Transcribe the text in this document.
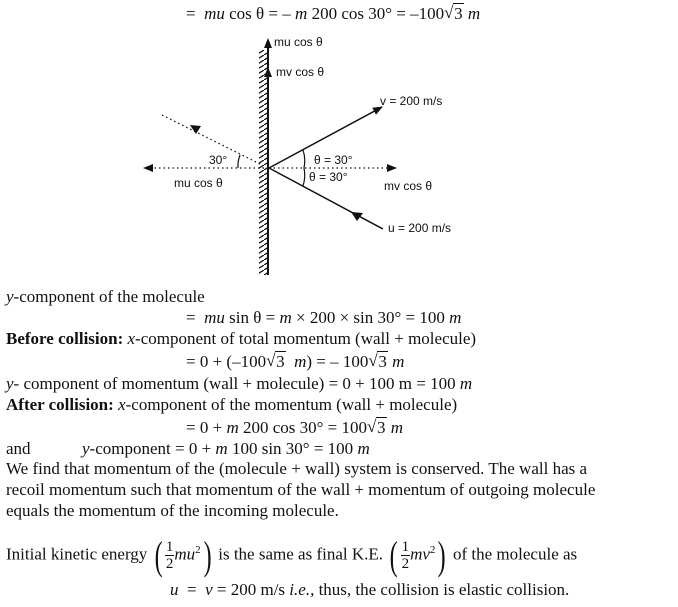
= mu cos θ = – m 200 cos 30° = –100 √ 3 m
mu cos θ
mv cos θ
v = 200 m/s
u = 200 m/s
mv cos θ
mu cos θ
θ = 30°
θ = 30°
30°
y-component of the molecule
= mu sin θ = m × 200 × sin 30° = 100 m
Before collision: x-component of total momentum (wall + molecule)
= 0 + (–100 √ 3 m) = – 100 √ 3 m
y- component of momentum (wall + molecule) = 0 + 100 m = 100 m
After collision: x-component of the momentum (wall + molecule)
= 0 + m 200 cos 30° = 100 √ 3 m
and	y-component = 0 + m 100 sin 30° = 100 m
We find that momentum of the (molecule + wall) system is conserved. The wall has a
recoil momentum such that momentum of the wall + momentum of outgoing molecule
equals the momentum of the incoming molecule.
Initial kinetic energy ( $\frac{1}{2} mu^2$) is the same as final K.E. ( $\frac{1}{2} mv^2$) of the molecule as
u = v = 200 m/s i.e., thus, the collision is elastic collision.
